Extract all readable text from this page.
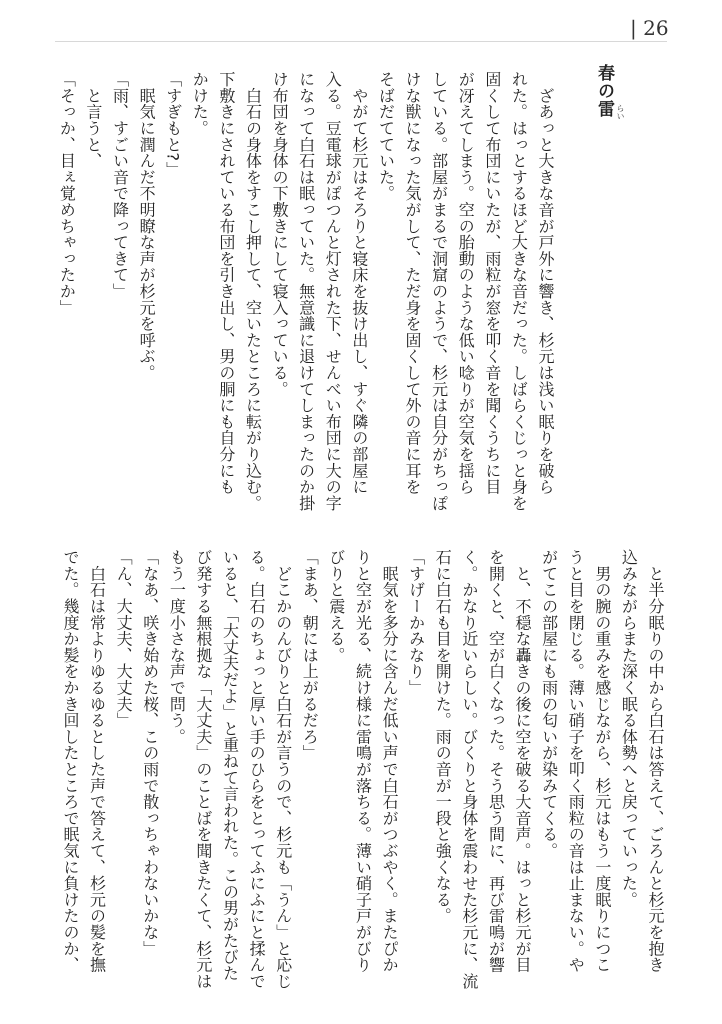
| 26
春の雷 らい
　ざあっと大きな音が戸外に響き、杉元は浅い眠りを破ら
れた。はっとするほど大きな音だった。しばらくじっと身を
固くして布団にいたが、雨粒が窓を叩く音を聞くうちに目
が冴えてしまう。空の胎動のような低い唸りが空気を揺ら
している。部屋がまるで洞窟のようで、杉元は自分がちっぽ
けな獣になった気がして、ただ身を固くして外の音に耳を
そばだてていた。
　やがて杉元はそろりと寝床を抜け出し、すぐ隣の部屋に
入る。豆電球がぽつんと灯された下、せんべい布団に大の字
になって白石は眠っていた。無意識に退けてしまったのか掛
け布団を身体の下敷きにして寝入っている。
　白石の身体をすこし押して、空いたところに転がり込む。
下敷きにされている布団を引き出し、男の胴にも自分にも
かけた。
「すぎもと?」
　眠気に潤んだ不明瞭な声が杉元を呼ぶ。
「雨、すごい音で降ってきて」
　と言うと、
「そっか、目ぇ覚めちゃったか」
　と半分眠りの中から白石は答えて、ごろんと杉元を抱き
込みながらまた深く眠る体勢へと戻っていった。
　男の腕の重みを感じながら、杉元はもう一度眠りにつこ
うと目を閉じる。薄い硝子を叩く雨粒の音は止まない。や
がてこの部屋にも雨の匂いが染みてくる。
　と、不穏な轟きの後に空を破る大音声。はっと杉元が目
を開くと、空が白くなった。そう思う間に、再び雷鳴が響
く。かなり近いらしい。びくりと身体を震わせた杉元に、流
石に白石も目を開けた。雨の音が一段と強くなる。
「すげーかみなり」
　眠気を多分に含んだ低い声で白石がつぶやく。またぴか
りと空が光る、続け様に雷鳴が落ちる。薄い硝子戸がびり
びりと震える。
「まあ、朝には上がるだろ」
　どこかのんびりと白石が言うので、杉元も「うん」と応じ
る。白石のちょっと厚い手のひらをとってふにふにと揉んで
いると、「大丈夫だよ」と重ねて言われた。この男がたびた
び発する無根拠な「大丈夫」のことばを聞きたくて、杉元は
もう一度小さな声で問う。
「なあ、咲き始めた桜、この雨で散っちゃわないかな」
「ん、大丈夫、大丈夫」
　白石は常よりゆるゆるとした声で答えて、杉元の髪を撫
でた。幾度か髪をかき回したところで眠気に負けたのか、
